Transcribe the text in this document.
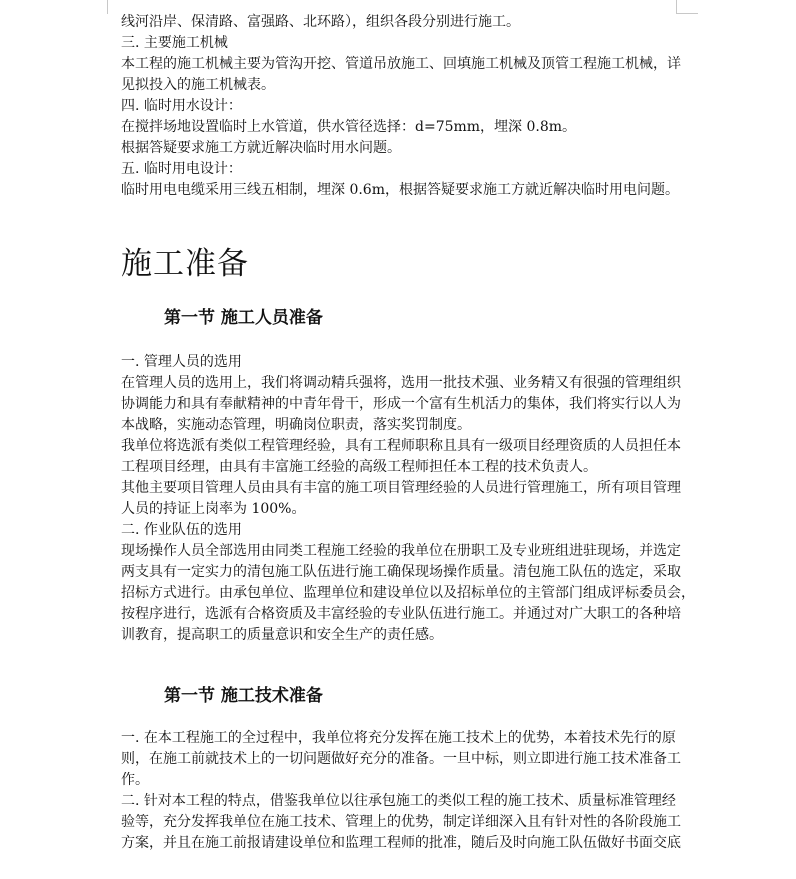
线河沿岸、保清路、富强路、北环路），组织各段分别进行施工。
三. 主要施工机械
本工程的施工机械主要为管沟开挖、管道吊放施工、回填施工机械及顶管工程施工机械，详
见拟投入的施工机械表。
四. 临时用水设计：
在搅拌场地设置临时上水管道，供水管径选择：d=75mm，埋深 0.8m。
根据答疑要求施工方就近解决临时用水问题。
五. 临时用电设计：
临时用电电缆采用三线五相制，埋深 0.6m，根据答疑要求施工方就近解决临时用电问题。
施工准备
第一节 施工人员准备
一. 管理人员的选用
在管理人员的选用上，我们将调动精兵强将，选用一批技术强、业务精又有很强的管理组织
协调能力和具有奉献精神的中青年骨干，形成一个富有生机活力的集体，我们将实行以人为
本战略，实施动态管理，明确岗位职责，落实奖罚制度。
我单位将选派有类似工程管理经验，具有工程师职称且具有一级项目经理资质的人员担任本
工程项目经理，由具有丰富施工经验的高级工程师担任本工程的技术负责人。
其他主要项目管理人员由具有丰富的施工项目管理经验的人员进行管理施工，所有项目管理
人员的持证上岗率为 100%。
二. 作业队伍的选用
现场操作人员全部选用由同类工程施工经验的我单位在册职工及专业班组进驻现场，并选定
两支具有一定实力的清包施工队伍进行施工确保现场操作质量。清包施工队伍的选定，采取
招标方式进行。由承包单位、监理单位和建设单位以及招标单位的主管部门组成评标委员会，
按程序进行，选派有合格资质及丰富经验的专业队伍进行施工。并通过对广大职工的各种培
训教育，提高职工的质量意识和安全生产的责任感。
第一节 施工技术准备
一. 在本工程施工的全过程中，我单位将充分发挥在施工技术上的优势，本着技术先行的原
则，在施工前就技术上的一切问题做好充分的准备。一旦中标，则立即进行施工技术准备工
作。
二. 针对本工程的特点，借鉴我单位以往承包施工的类似工程的施工技术、质量标准管理经
验等，充分发挥我单位在施工技术、管理上的优势，制定详细深入且有针对性的各阶段施工
方案，并且在施工前报请建设单位和监理工程师的批准，随后及时向施工队伍做好书面交底
